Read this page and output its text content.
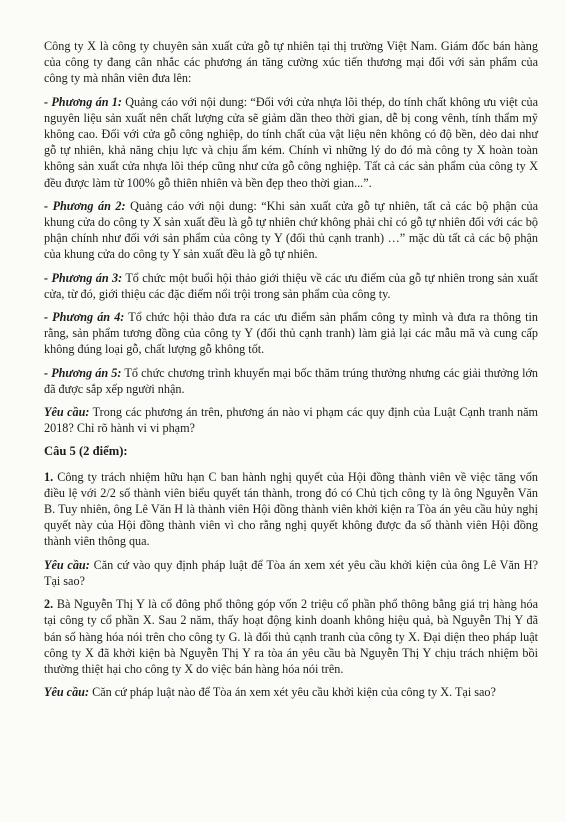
Công ty X là công ty chuyên sản xuất cửa gỗ tự nhiên tại thị trường Việt Nam. Giám đốc bán hàng của công ty đang cân nhắc các phương án tăng cường xúc tiến thương mại đối với sản phẩm của công ty mà nhân viên đưa lên:

- Phương án 1: Quảng cáo với nội dung: “Đối với cửa nhựa lõi thép, do tính chất không ưu việt của nguyên liệu sản xuất nên chất lượng cửa sẽ giảm dần theo thời gian, dễ bị cong vênh, tính thẩm mỹ không cao. Đối với cửa gỗ công nghiệp, do tính chất của vật liệu nên không có độ bền, dẻo dai như gỗ tự nhiên, khả năng chịu lực và chịu ẩm kém. Chính vì những lý do đó mà công ty X hoàn toàn không sản xuất cửa nhựa lõi thép cũng như cửa gỗ công nghiệp. Tất cả các sản phẩm của công ty X đều được làm từ 100% gỗ thiên nhiên và bền đẹp theo thời gian...”.

- Phương án 2: Quảng cáo với nội dung: “Khi sản xuất cửa gỗ tự nhiên, tất cả các bộ phận của khung cửa do công ty X sản xuất đều là gỗ tự nhiên chứ không phải chỉ có gỗ tự nhiên đối với các bộ phận chính như đối với sản phẩm của công ty Y (đối thủ cạnh tranh) …” mặc dù tất cả các bộ phận của khung cửa do công ty Y sản xuất đều là gỗ tự nhiên.

- Phương án 3: Tổ chức một buổi hội thảo giới thiệu về các ưu điểm của gỗ tự nhiên trong sản xuất cửa, từ đó, giới thiệu các đặc điểm nổi trội trong sản phẩm của công ty.

- Phương án 4: Tổ chức hội thảo đưa ra các ưu điểm sản phẩm công ty mình và đưa ra thông tin rằng, sản phẩm tương đồng của công ty Y (đối thủ cạnh tranh) làm giả lại các mẫu mã và cung cấp không đúng loại gỗ, chất lượng gỗ không tốt.

- Phương án 5: Tổ chức chương trình khuyến mại bốc thăm trúng thưởng nhưng các giải thưởng lớn đã được sắp xếp người nhận.

Yêu cầu: Trong các phương án trên, phương án nào vi phạm các quy định của Luật Cạnh tranh năm 2018? Chỉ rõ hành vi vi phạm?

Câu 5 (2 điểm):

1. Công ty trách nhiệm hữu hạn C ban hành nghị quyết của Hội đồng thành viên về việc tăng vốn điều lệ với 2/2 số thành viên biểu quyết tán thành, trong đó có Chủ tịch công ty là ông Nguyễn Văn B. Tuy nhiên, ông Lê Văn H là thành viên Hội đồng thành viên khởi kiện ra Tòa án yêu cầu hủy nghị quyết này của Hội đồng thành viên vì cho rằng nghị quyết không được đa số thành viên Hội đồng thành viên thông qua.

Yêu cầu: Căn cứ vào quy định pháp luật để Tòa án xem xét yêu cầu khởi kiện của ông Lê Văn H? Tại sao?

2. Bà Nguyễn Thị Y là cổ đông phổ thông góp vốn 2 triệu cổ phần phổ thông bằng giá trị hàng hóa tại công ty cổ phần X. Sau 2 năm, thấy hoạt động kinh doanh không hiệu quả, bà Nguyễn Thị Y đã bán số hàng hóa nói trên cho công ty G. là đối thủ cạnh tranh của công ty X. Đại diện theo pháp luật công ty X đã khởi kiện bà Nguyễn Thị Y ra tòa án yêu cầu bà Nguyễn Thị Y chịu trách nhiệm bồi thường thiệt hại cho công ty X do việc bán hàng hóa nói trên.

Yêu cầu: Căn cứ pháp luật nào để Tòa án xem xét yêu cầu khởi kiện của công ty X. Tại sao?
